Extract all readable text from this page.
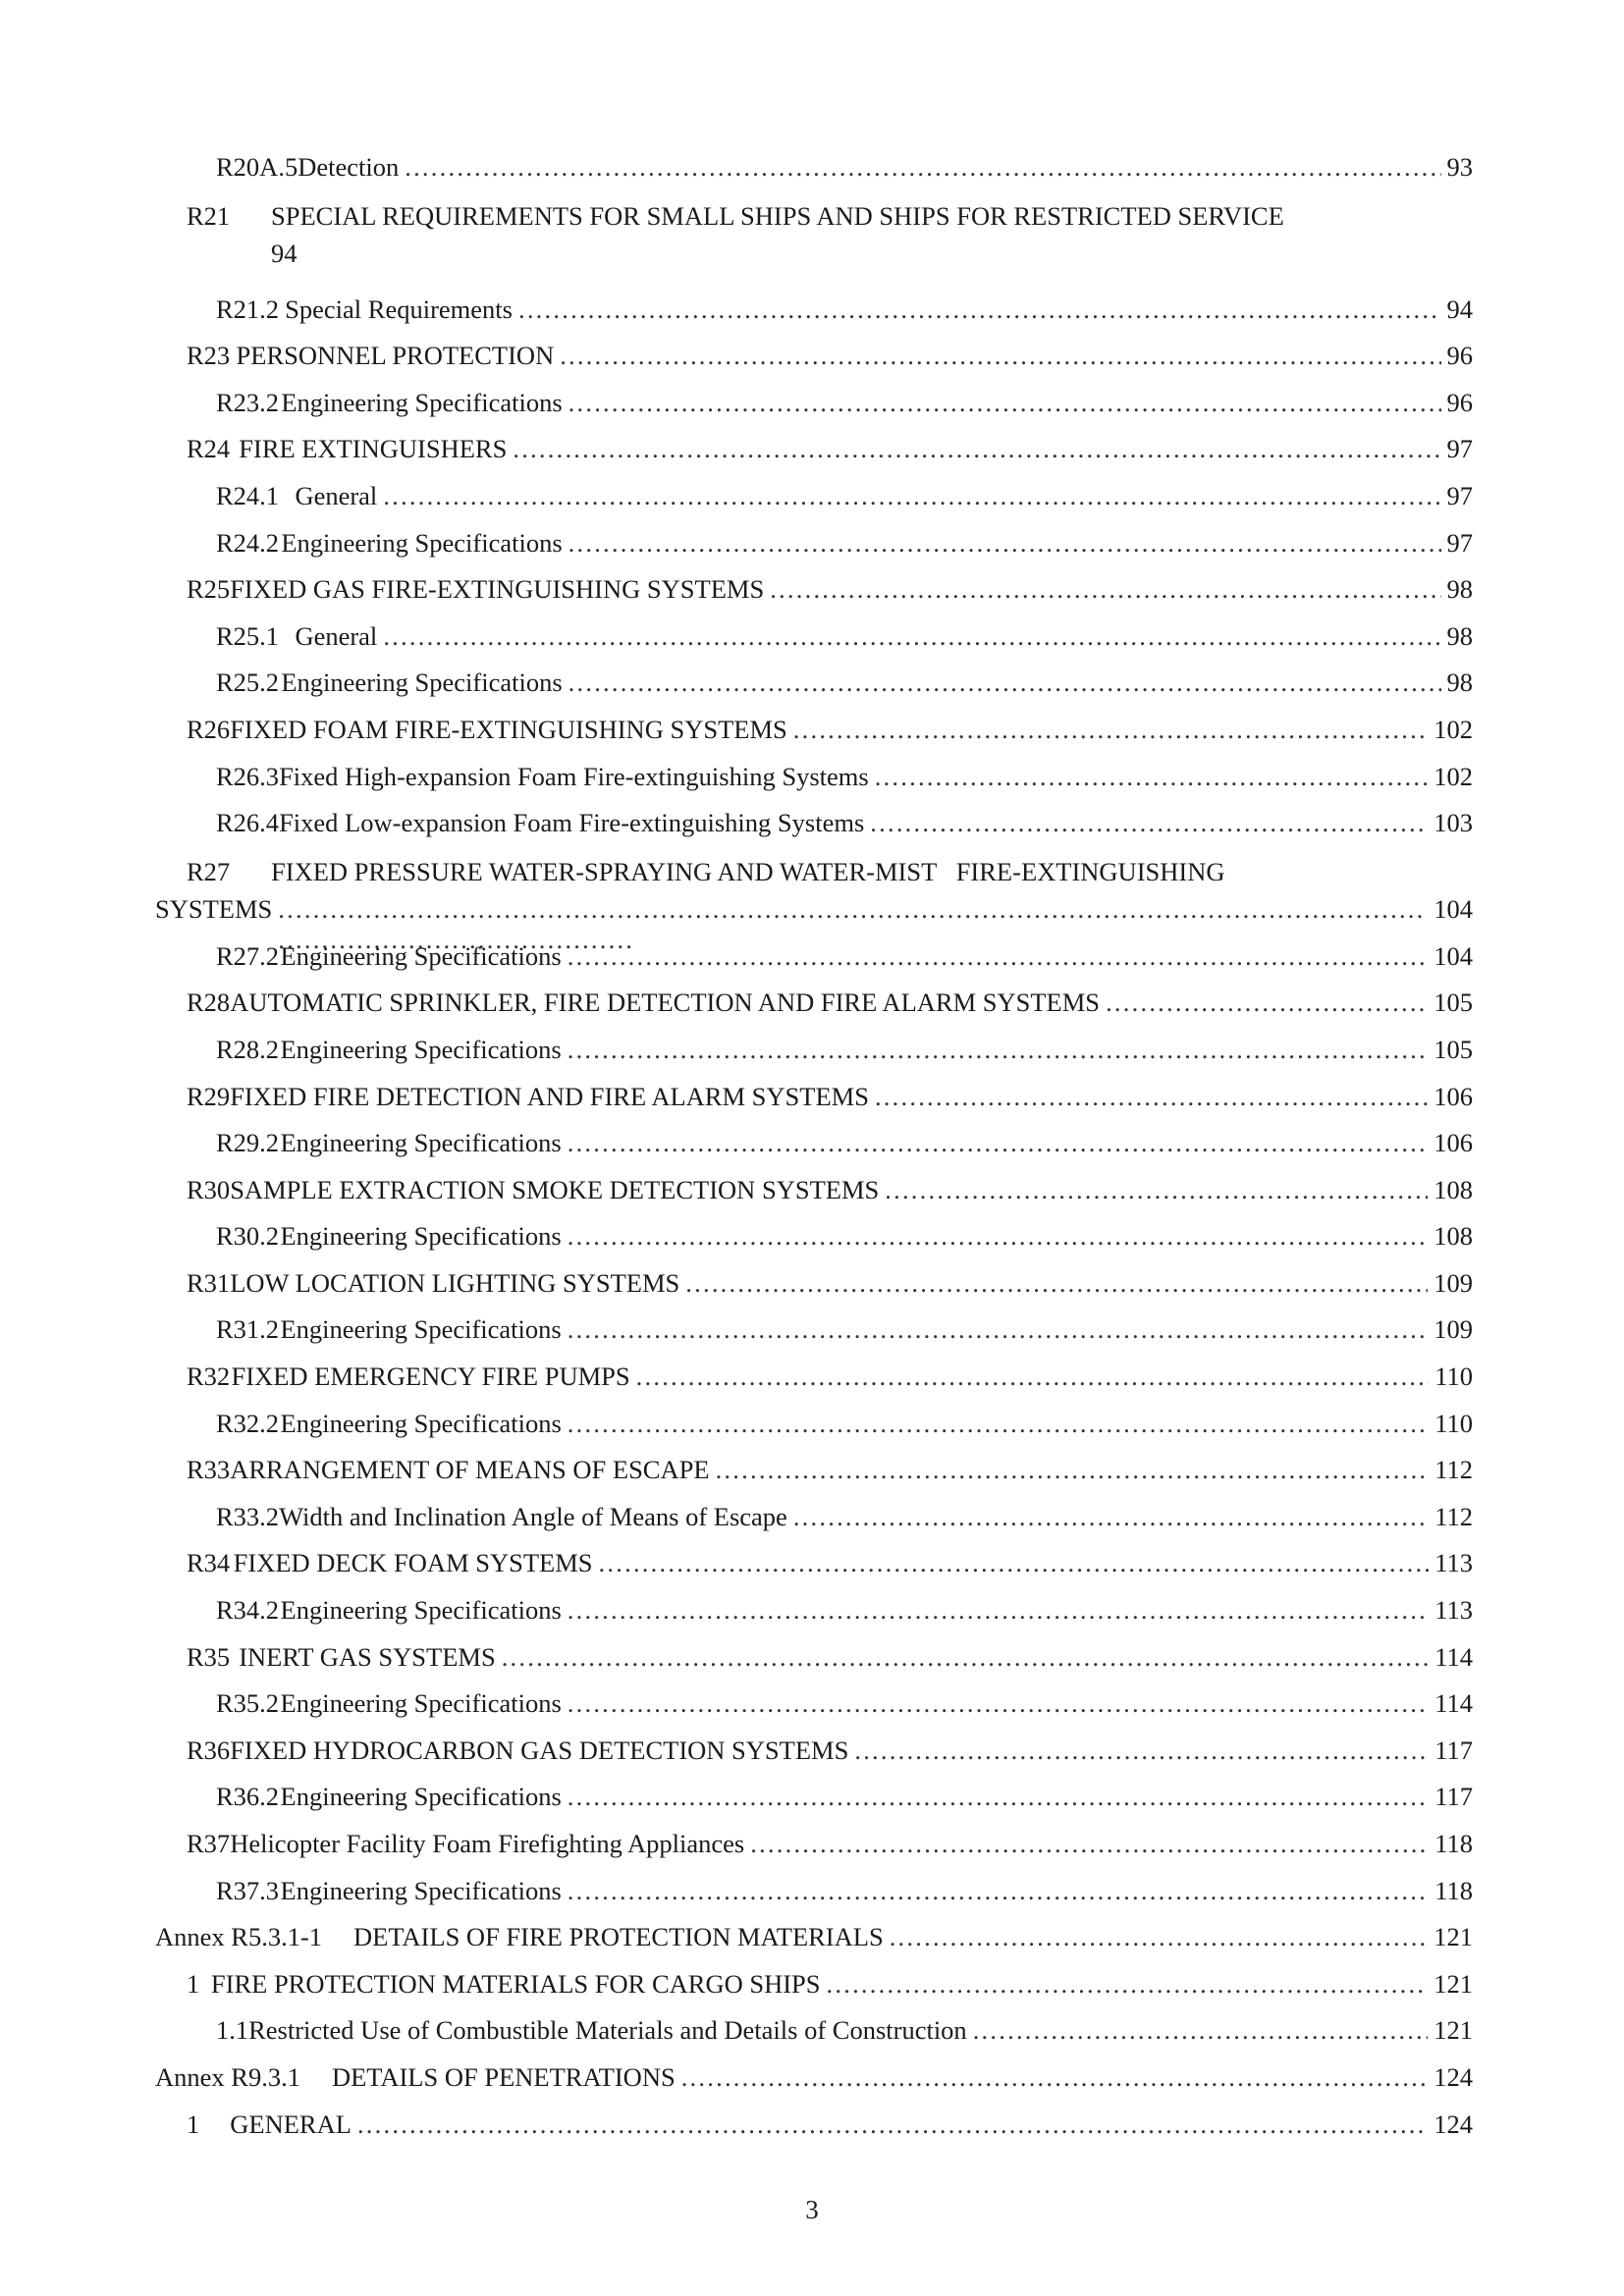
R20A.5 Detection . . .	93
R21	SPECIAL REQUIREMENTS FOR SMALL SHIPS AND SHIPS FOR RESTRICTED SERVICE
94
R21.2 Special Requirements . . .	94
R23 PERSONNEL PROTECTION . . .	96
R23.2 Engineering Specifications . . .	96
R24 FIRE EXTINGUISHERS . . .	97
R24.1 General . . .	97
R24.2 Engineering Specifications . . .	97
R25 FIXED GAS FIRE-EXTINGUISHING SYSTEMS . . .	98
R25.1 General . . .	98
R25.2 Engineering Specifications . . .	98
R26 FIXED FOAM FIRE-EXTINGUISHING SYSTEMS . . .	102
R26.3 Fixed High-expansion Foam Fire-extinguishing Systems . . .	102
R26.4 Fixed Low-expansion Foam Fire-extinguishing Systems . . .	103
R27	FIXED PRESSURE WATER-SPRAYING AND WATER-MIST   FIRE-EXTINGUISHING
SYSTEMS . . .	104
R27.2 Engineering Specifications . . .	104
R28 AUTOMATIC SPRINKLER, FIRE DETECTION AND FIRE ALARM SYSTEMS . . .	105
R28.2 Engineering Specifications . . .	105
R29 FIXED FIRE DETECTION AND FIRE ALARM SYSTEMS . . .	106
R29.2 Engineering Specifications . . .	106
R30 SAMPLE EXTRACTION SMOKE DETECTION SYSTEMS . . .	108
R30.2 Engineering Specifications . . .	108
R31 LOW LOCATION LIGHTING SYSTEMS . . .	109
R31.2 Engineering Specifications . . .	109
R32 FIXED EMERGENCY FIRE PUMPS . . .	110
R32.2 Engineering Specifications . . .	110
R33 ARRANGEMENT OF MEANS OF ESCAPE . . .	112
R33.2 Width and Inclination Angle of Means of Escape . . .	112
R34 FIXED DECK FOAM SYSTEMS . . .	113
R34.2 Engineering Specifications . . .	113
R35 INERT GAS SYSTEMS . . .	114
R35.2 Engineering Specifications . . .	114
R36 FIXED HYDROCARBON GAS DETECTION SYSTEMS . . .	117
R36.2 Engineering Specifications . . .	117
R37 Helicopter Facility Foam Firefighting Appliances . . .	118
R37.3 Engineering Specifications . . .	118
Annex R5.3.1-1 DETAILS OF FIRE PROTECTION MATERIALS . . .	121
1 FIRE PROTECTION MATERIALS FOR CARGO SHIPS . . .	121
1.1 Restricted Use of Combustible Materials and Details of Construction . . .	121
Annex R9.3.1 DETAILS OF PENETRATIONS . . .	124
1	GENERAL . . .	124
3
